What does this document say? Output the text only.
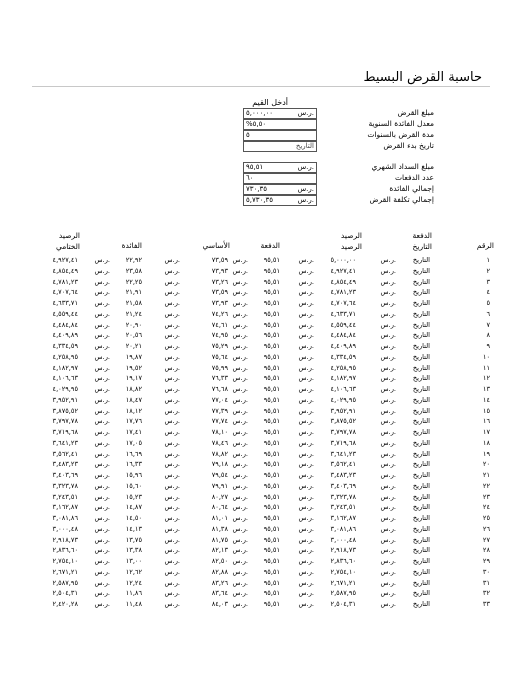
حاسبة القرض البسيط
أدخل القيم
مبلغ القرض
ر.س.
٥,٠٠٠,٠٠
معدل الفائدة السنوية
%٥,٥٠
مدة القرض بالسنوات
٥
تاريخ بدء القرض
التاريخ
مبلغ السداد الشهري
ر.س.
٩٥,٥١
عدد الدفعات
٦٠
إجمالي الفائدة
ر.س.
٧٣٠,٣٥
إجمالي تكلفة القرض
ر.س.
٥,٧٣٠,٣٥
الرقم
الدفعة
التاريخ
الرصيد
الرصيد
الدفعة
الأساسي
الفائدة
الرصيد
الختامي
١
التاريخ
ر.س.
٥,٠٠٠,٠٠
ر.س.
٩٥,٥١
ر.س.
٧٣,٥٩
ر.س.
٢٢,٩٢
ر.س.
٤,٩٢٧,٤١
٢
التاريخ
ر.س.
٤,٩٢٧,٤١
ر.س.
٩٥,٥١
ر.س.
٧٣,٩٣
ر.س.
٢٣,٥٨
ر.س.
٤,٨٥٤,٤٩
٣
التاريخ
ر.س.
٤,٨٥٤,٤٩
ر.س.
٩٥,٥١
ر.س.
٧٣,٢٦
ر.س.
٢٢,٢٥
ر.س.
٤,٧٨١,٢٣
٤
التاريخ
ر.س.
٤,٧٨١,٢٣
ر.س.
٩٥,٥١
ر.س.
٧٣,٥٩
ر.س.
٢١,٩١
ر.س.
٤,٧٠٧,٦٤
٥
التاريخ
ر.س.
٤,٧٠٧,٦٤
ر.س.
٩٥,٥١
ر.س.
٧٣,٩٣
ر.س.
٢١,٥٨
ر.س.
٤,٦٣٣,٧١
٦
التاريخ
ر.س.
٤,٦٣٣,٧١
ر.س.
٩٥,٥١
ر.س.
٧٤,٢٦
ر.س.
٢١,٢٤
ر.س.
٤,٥٥٩,٤٤
٧
التاريخ
ر.س.
٤,٥٥٩,٤٤
ر.س.
٩٥,٥١
ر.س.
٧٤,٦١
ر.س.
٢٠,٩٠
ر.س.
٤,٤٨٤,٨٤
٨
التاريخ
ر.س.
٤,٤٨٤,٨٤
ر.س.
٩٥,٥١
ر.س.
٧٤,٩٥
ر.س.
٢٠,٥٦
ر.س.
٤,٤٠٩,٨٩
٩
التاريخ
ر.س.
٤,٤٠٩,٨٩
ر.س.
٩٥,٥١
ر.س.
٧٥,٢٩
ر.س.
٢٠,٢١
ر.س.
٤,٣٣٤,٥٩
١٠
التاريخ
ر.س.
٤,٣٣٤,٥٩
ر.س.
٩٥,٥١
ر.س.
٧٥,٦٤
ر.س.
١٩,٨٧
ر.س.
٤,٢٥٨,٩٥
١١
التاريخ
ر.س.
٤,٢٥٨,٩٥
ر.س.
٩٥,٥١
ر.س.
٧٥,٩٩
ر.س.
١٩,٥٢
ر.س.
٤,١٨٢,٩٧
١٢
التاريخ
ر.س.
٤,١٨٢,٩٧
ر.س.
٩٥,٥١
ر.س.
٧٦,٣٣
ر.س.
١٩,١٧
ر.س.
٤,١٠٦,٦٣
١٣
التاريخ
ر.س.
٤,١٠٦,٦٣
ر.س.
٩٥,٥١
ر.س.
٧٦,٦٨
ر.س.
١٨,٨٢
ر.س.
٤,٠٢٩,٩٥
١٤
التاريخ
ر.س.
٤,٠٢٩,٩٥
ر.س.
٩٥,٥١
ر.س.
٧٧,٠٤
ر.س.
١٨,٤٧
ر.س.
٣,٩٥٢,٩١
١٥
التاريخ
ر.س.
٣,٩٥٢,٩١
ر.س.
٩٥,٥١
ر.س.
٧٧,٣٩
ر.س.
١٨,١٢
ر.س.
٣,٨٧٥,٥٢
١٦
التاريخ
ر.س.
٣,٨٧٥,٥٢
ر.س.
٩٥,٥١
ر.س.
٧٧,٧٤
ر.س.
١٧,٧٦
ر.س.
٣,٧٩٧,٧٨
١٧
التاريخ
ر.س.
٣,٧٩٧,٧٨
ر.س.
٩٥,٥١
ر.س.
٧٨,١٠
ر.س.
١٧,٤١
ر.س.
٣,٧١٩,٦٨
١٨
التاريخ
ر.س.
٣,٧١٩,٦٨
ر.س.
٩٥,٥١
ر.س.
٧٨,٤٦
ر.س.
١٧,٠٥
ر.س.
٣,٦٤١,٢٣
١٩
التاريخ
ر.س.
٣,٦٤١,٢٣
ر.س.
٩٥,٥١
ر.س.
٧٨,٨٢
ر.س.
١٦,٦٩
ر.س.
٣,٥٦٢,٤١
٢٠
التاريخ
ر.س.
٣,٥٦٢,٤١
ر.س.
٩٥,٥١
ر.س.
٧٩,١٨
ر.س.
١٦,٣٣
ر.س.
٣,٤٨٣,٢٣
٢١
التاريخ
ر.س.
٣,٤٨٣,٢٣
ر.س.
٩٥,٥١
ر.س.
٧٩,٥٤
ر.س.
١٥,٩٦
ر.س.
٣,٤٠٣,٦٩
٢٢
التاريخ
ر.س.
٣,٤٠٣,٦٩
ر.س.
٩٥,٥١
ر.س.
٧٩,٩١
ر.س.
١٥,٦٠
ر.س.
٣,٣٢٣,٧٨
٢٣
التاريخ
ر.س.
٣,٣٢٣,٧٨
ر.س.
٩٥,٥١
ر.س.
٨٠,٢٧
ر.س.
١٥,٢٣
ر.س.
٣,٢٤٣,٥١
٢٤
التاريخ
ر.س.
٣,٢٤٣,٥١
ر.س.
٩٥,٥١
ر.س.
٨٠,٦٤
ر.س.
١٤,٨٧
ر.س.
٣,١٦٢,٨٧
٢٥
التاريخ
ر.س.
٣,١٦٢,٨٧
ر.س.
٩٥,٥١
ر.س.
٨١,٠١
ر.س.
١٤,٥٠
ر.س.
٣,٠٨١,٨٦
٢٦
التاريخ
ر.س.
٣,٠٨١,٨٦
ر.س.
٩٥,٥١
ر.س.
٨١,٣٨
ر.س.
١٤,١٣
ر.س.
٣,٠٠٠,٤٨
٢٧
التاريخ
ر.س.
٣,٠٠٠,٤٨
ر.س.
٩٥,٥١
ر.س.
٨١,٧٥
ر.س.
١٣,٧٥
ر.س.
٢,٩١٨,٧٣
٢٨
التاريخ
ر.س.
٢,٩١٨,٧٣
ر.س.
٩٥,٥١
ر.س.
٨٢,١٣
ر.س.
١٣,٣٨
ر.س.
٢,٨٣٦,٦٠
٢٩
التاريخ
ر.س.
٢,٨٣٦,٦٠
ر.س.
٩٥,٥١
ر.س.
٨٢,٥٠
ر.س.
١٣,٠٠
ر.س.
٢,٧٥٤,١٠
٣٠
التاريخ
ر.س.
٢,٧٥٤,١٠
ر.س.
٩٥,٥١
ر.س.
٨٢,٨٨
ر.س.
١٢,٦٢
ر.س.
٢,٦٧١,٢١
٣١
التاريخ
ر.س.
٢,٦٧١,٢١
ر.س.
٩٥,٥١
ر.س.
٨٣,٢٦
ر.س.
١٢,٢٤
ر.س.
٢,٥٨٧,٩٥
٣٢
التاريخ
ر.س.
٢,٥٨٧,٩٥
ر.س.
٩٥,٥١
ر.س.
٨٣,٦٤
ر.س.
١١,٨٦
ر.س.
٢,٥٠٤,٣١
٣٣
التاريخ
ر.س.
٢,٥٠٤,٣١
ر.س.
٩٥,٥١
ر.س.
٨٤,٠٣
ر.س.
١١,٤٨
ر.س.
٢,٤٢٠,٢٨
